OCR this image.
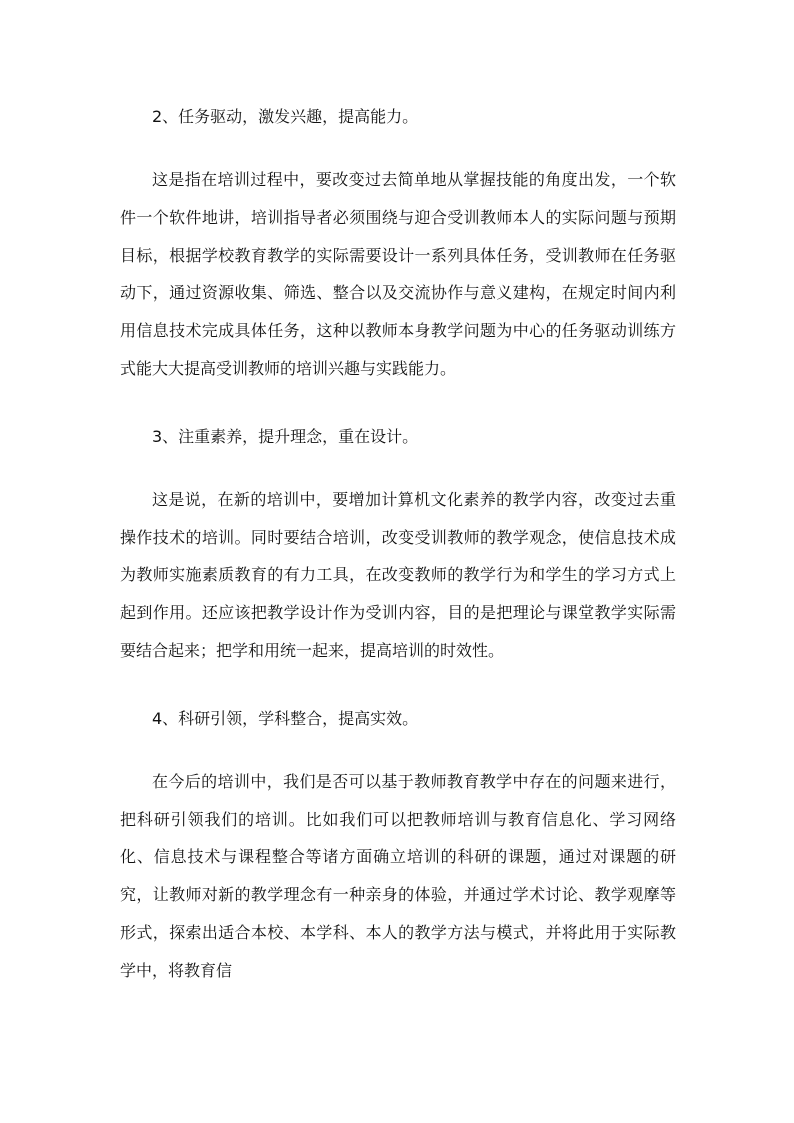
2、任务驱动，激发兴趣，提高能力。

这是指在培训过程中，要改变过去简单地从掌握技能的角度出发，一个软件一个软件地讲，培训指导者必须围绕与迎合受训教师本人的实际问题与预期目标，根据学校教育教学的实际需要设计一系列具体任务，受训教师在任务驱动下，通过资源收集、筛选、整合以及交流协作与意义建构，在规定时间内利用信息技术完成具体任务，这种以教师本身教学问题为中心的任务驱动训练方式能大大提高受训教师的培训兴趣与实践能力。

3、注重素养，提升理念，重在设计。

这是说，在新的培训中，要增加计算机文化素养的教学内容，改变过去重操作技术的培训。同时要结合培训，改变受训教师的教学观念，使信息技术成为教师实施素质教育的有力工具，在改变教师的教学行为和学生的学习方式上起到作用。还应该把教学设计作为受训内容，目的是把理论与课堂教学实际需要结合起来；把学和用统一起来，提高培训的时效性。

4、科研引领，学科整合，提高实效。

在今后的培训中，我们是否可以基于教师教育教学中存在的问题来进行，把科研引领我们的培训。比如我们可以把教师培训与教育信息化、学习网络化、信息技术与课程整合等诸方面确立培训的科研的课题，通过对课题的研究，让教师对新的教学理念有一种亲身的体验，并通过学术讨论、教学观摩等形式，探索出适合本校、本学科、本人的教学方法与模式，并将此用于实际教学中，将教育信
